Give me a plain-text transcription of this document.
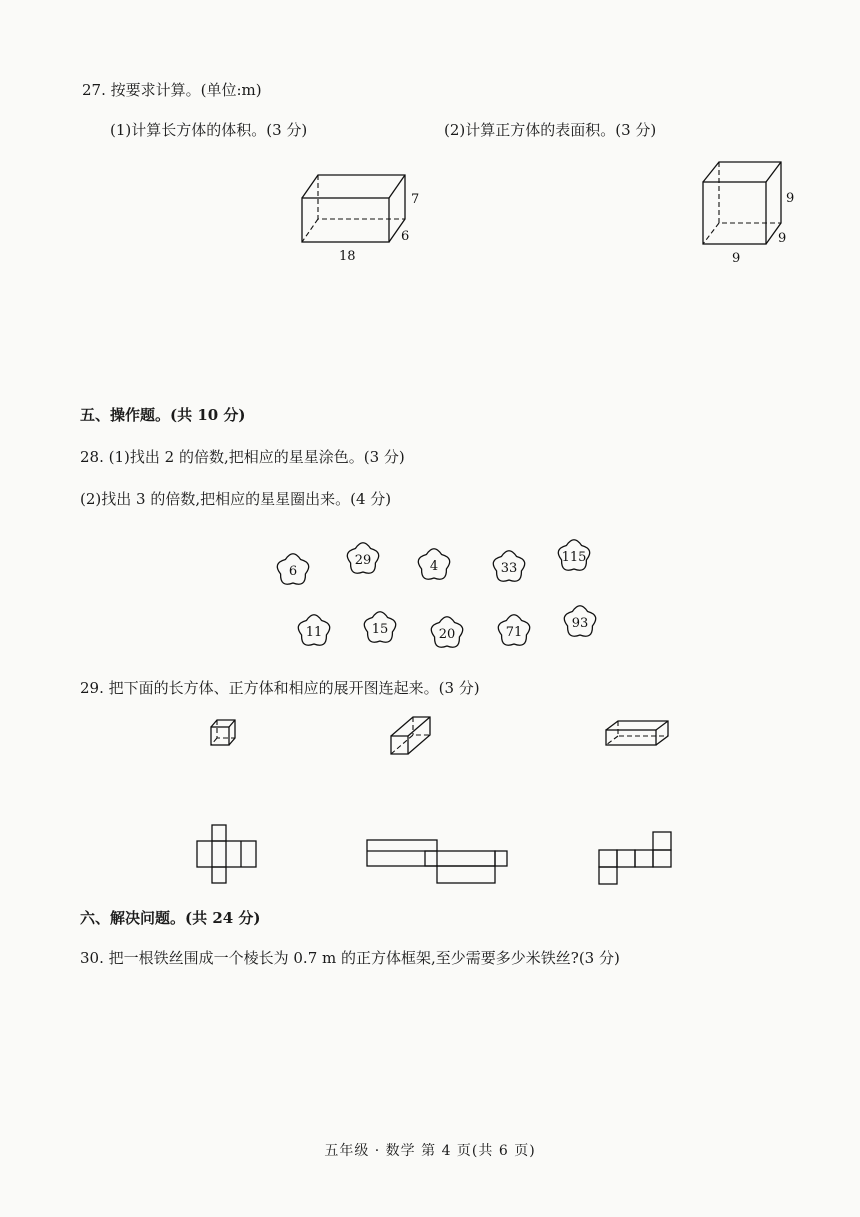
27. 按要求计算。(单位:m)
(1)计算长方体的体积。(3 分)	(2)计算正方体的表面积。(3 分)
7
6
18
9
9
9
6
29	4	33
115
11	15	20	71
93
五、操作题。(共 10 分)
28. (1)找出 2 的倍数,把相应的星星涂色。(3 分)
(2)找出 3 的倍数,把相应的星星圈出来。(4 分)
29. 把下面的长方体、正方体和相应的展开图连起来。(3 分)
六、解决问题。(共 24 分)
30. 把一根铁丝围成一个棱长为 0.7 m 的正方体框架,至少需要多少米铁丝?(3 分)
五年级 · 数学 第 4 页(共 6 页)
